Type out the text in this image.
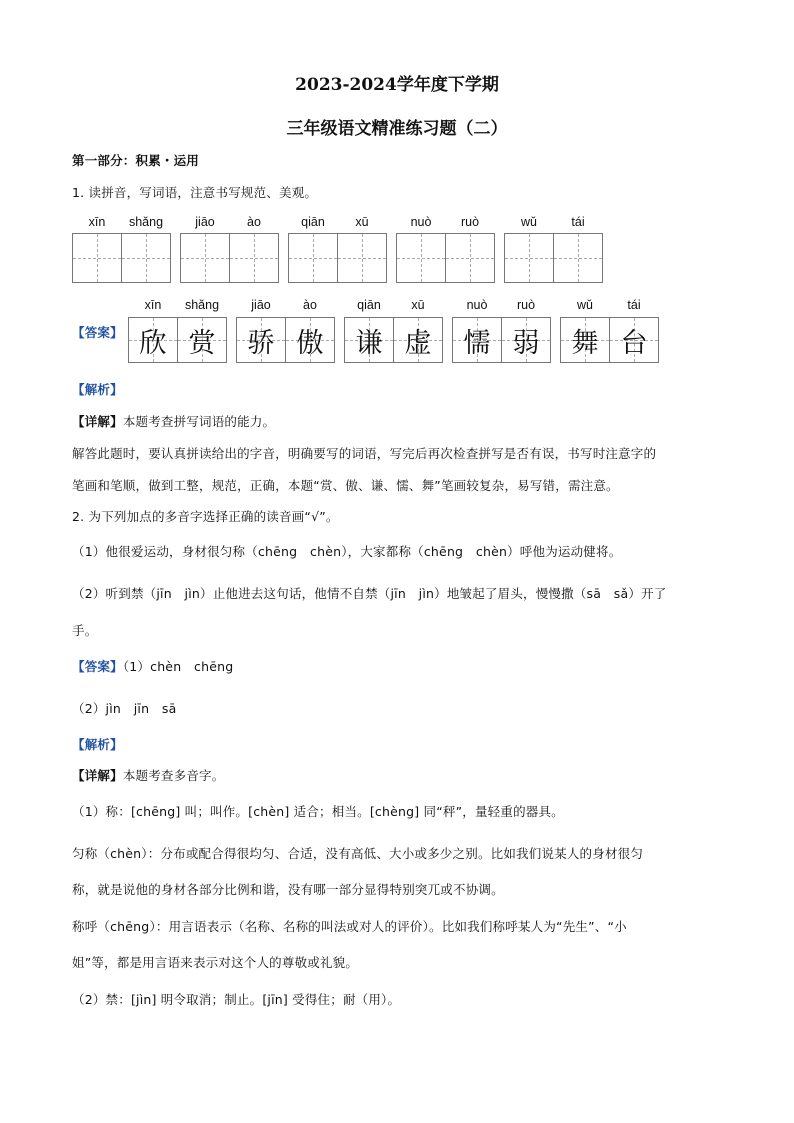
2023-2024学年度下学期
三年级语文精准练习题（二）
第一部分：积累・运用
1. 读拼音，写词语，注意书写规范、美观。
xīn	shǎng	jiāo	ào	qiān	xū	nuò	ruò	wǔ	tái
【答案】
xīn	shǎng	jiāo	ào	qiān	xū	nuò	ruò	wǔ	tái
欣 赏	骄 傲	谦 虚	懦 弱	舞 台
【解析】
【详解】本题考查拼写词语的能力。
解答此题时，要认真拼读给出的字音，明确要写的词语，写完后再次检查拼写是否有误，书写时注意字的
笔画和笔顺，做到工整，规范，正确，本题“赏、傲、谦、懦、舞”笔画较复杂，易写错，需注意。
2. 为下列加点的多音字选择正确的读音画“√”。
（1）他很爱运动，身材很匀称（chēng　chèn），大家都称（chēng　chèn）呼他为运动健将。
（2）听到禁（jīn　jìn）止他进去这句话，他情不自禁（jīn　jìn）地皱起了眉头，慢慢撒（sā　sǎ）开了
手。
【答案】（1）chèn　chēng
（2）jìn　jīn　sā
【解析】
【详解】本题考查多音字。
（1）称：[chēng] 叫；叫作。[chèn] 适合；相当。[chèng] 同“秤”，量轻重的器具。
匀称（chèn）：分布或配合得很均匀、合适，没有高低、大小或多少之别。比如我们说某人的身材很匀
称，就是说他的身材各部分比例和谐，没有哪一部分显得特别突兀或不协调。
称呼（chēng）：用言语表示（名称、名称的叫法或对人的评价）。比如我们称呼某人为“先生”、“小
姐”等，都是用言语来表示对这个人的尊敬或礼貌。
（2）禁：[jìn] 明令取消；制止。[jīn] 受得住；耐（用）。
